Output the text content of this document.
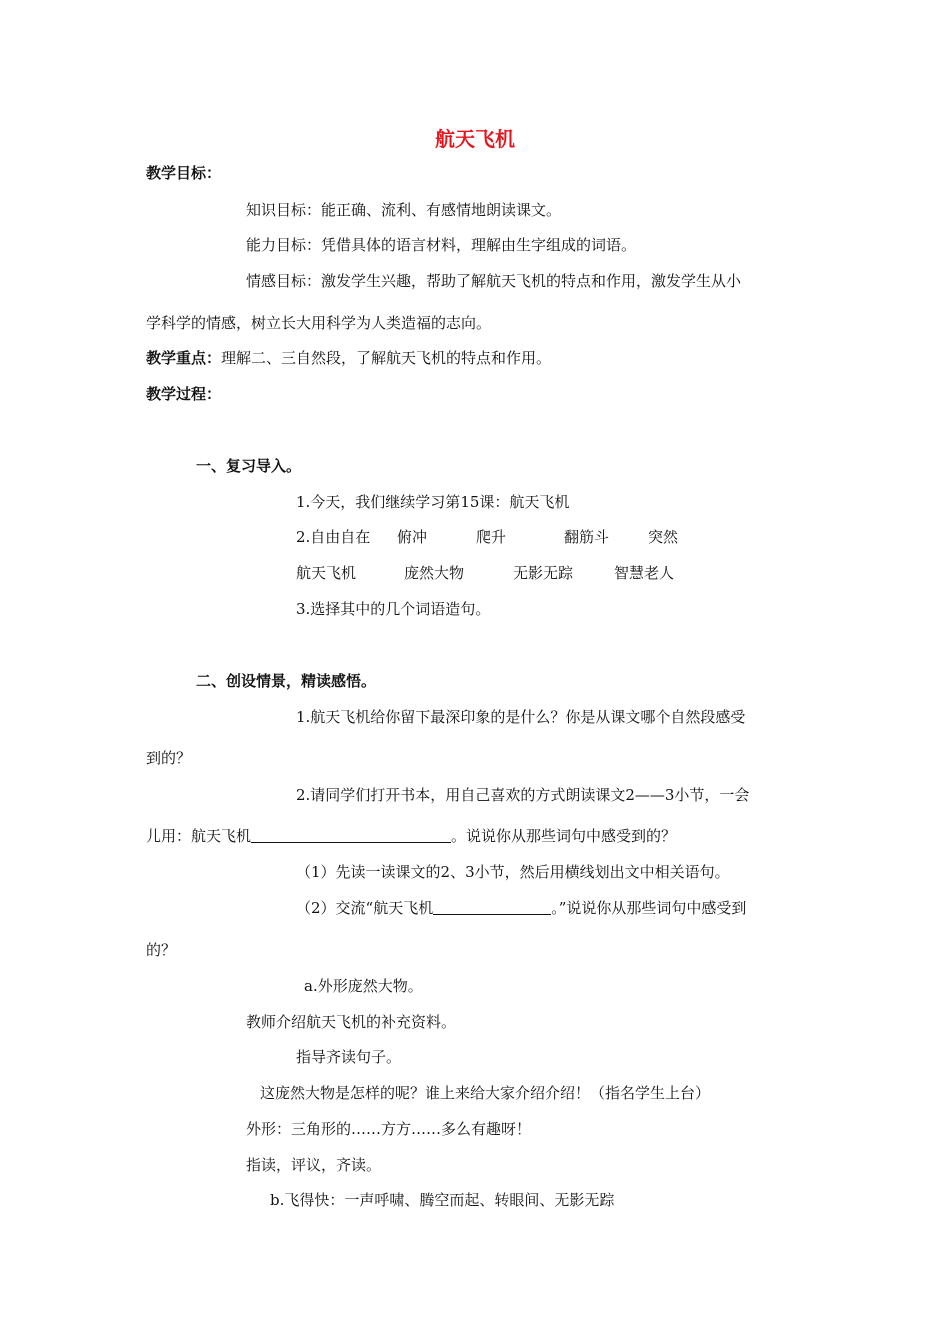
航天飞机
教学目标：
知识目标：能正确、流利、有感情地朗读课文。
能力目标：凭借具体的语言材料，理解由生字组成的词语。
情感目标：激发学生兴趣，帮助了解航天飞机的特点和作用，激发学生从小
学科学的情感，树立长大用科学为人类造福的志向。
教学重点：理解二、三自然段，了解航天飞机的特点和作用。
教学过程：
一、复习导入。
1.今天，我们继续学习第15课：航天飞机
2.自由自在 俯冲	爬升	翻筋斗	突然
航天飞机	庞然大物	无影无踪	智慧老人
3.选择其中的几个词语造句。
二、创设情景，精读感悟。
1.航天飞机给你留下最深印象的是什么？你是从课文哪个自然段感受
到的？
2.请同学们打开书本，用自己喜欢的方式朗读课文2——3小节，一会
儿用：航天飞机	。说说你从那些词句中感受到的？
（1）先读一读课文的2、3小节，然后用横线划出文中相关语句。
（2）交流“航天飞机	。”说说你从那些词句中感受到
的？
a.外形庞然大物。
教师介绍航天飞机的补充资料。
指导齐读句子。
这庞然大物是怎样的呢？谁上来给大家介绍介绍！（指名学生上台）
外形：三角形的……方方……多么有趣呀！
指读，评议，齐读。
b.飞得快：一声呼啸、腾空而起、转眼间、无影无踪
